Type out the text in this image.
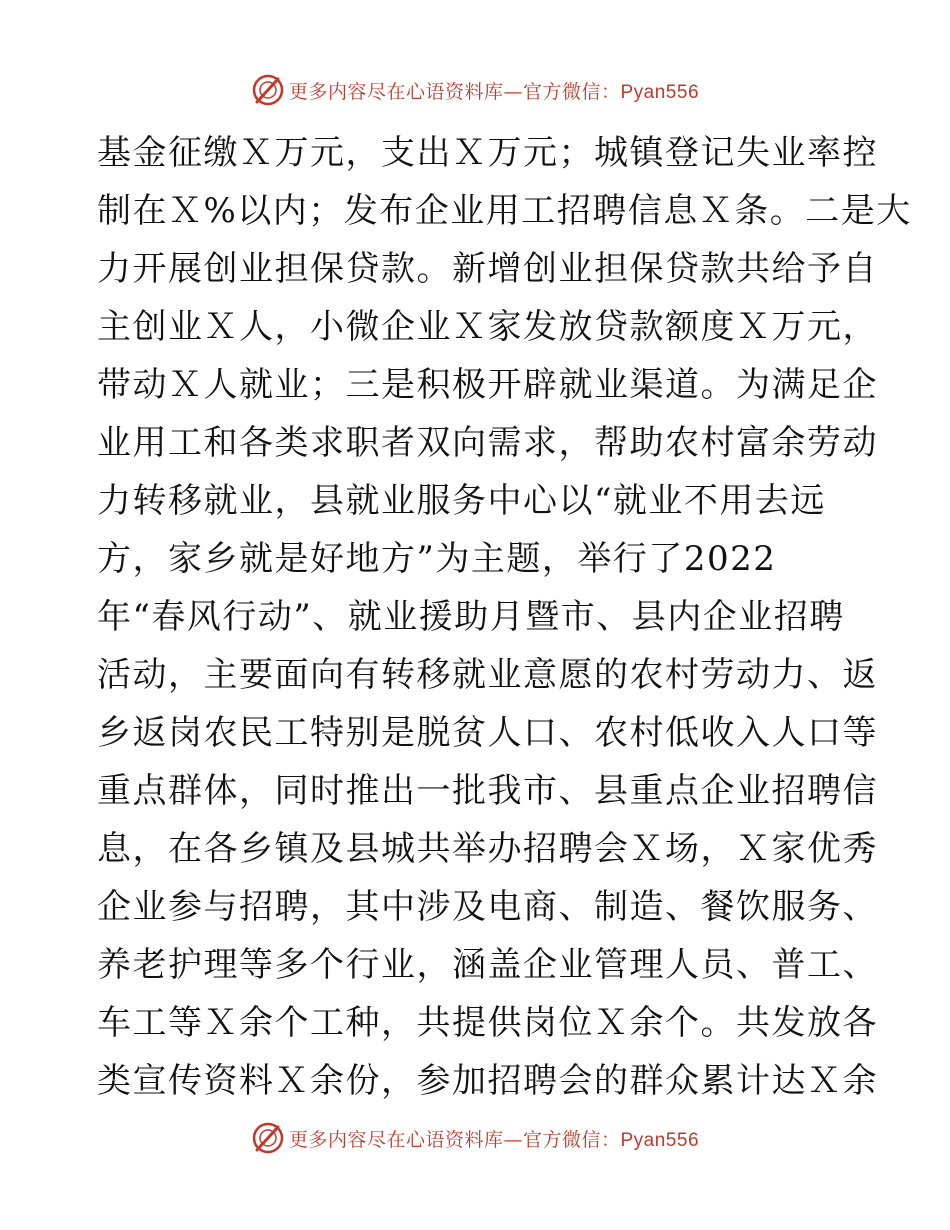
更多内容尽在心语资料库—官方微信：Pyan556
基金征缴Ｘ万元，支出Ｘ万元；城镇登记失业率控
制在Ｘ%以内；发布企业用工招聘信息Ｘ条。二是大
力开展创业担保贷款。新增创业担保贷款共给予自
主创业Ｘ人，小微企业Ｘ家发放贷款额度Ｘ万元，
带动Ｘ人就业；三是积极开辟就业渠道。为满足企
业用工和各类求职者双向需求，帮助农村富余劳动
力转移就业，县就业服务中心以“就业不用去远
方，家乡就是好地方”为主题，举行了2022
年“春风行动”、就业援助月暨市、县内企业招聘
活动，主要面向有转移就业意愿的农村劳动力、返
乡返岗农民工特别是脱贫人口、农村低收入人口等
重点群体，同时推出一批我市、县重点企业招聘信
息，在各乡镇及县城共举办招聘会Ｘ场，Ｘ家优秀
企业参与招聘，其中涉及电商、制造、餐饮服务、
养老护理等多个行业，涵盖企业管理人员、普工、
车工等Ｘ余个工种，共提供岗位Ｘ余个。共发放各
类宣传资料Ｘ余份，参加招聘会的群众累计达Ｘ余
更多内容尽在心语资料库—官方微信：Pyan556
